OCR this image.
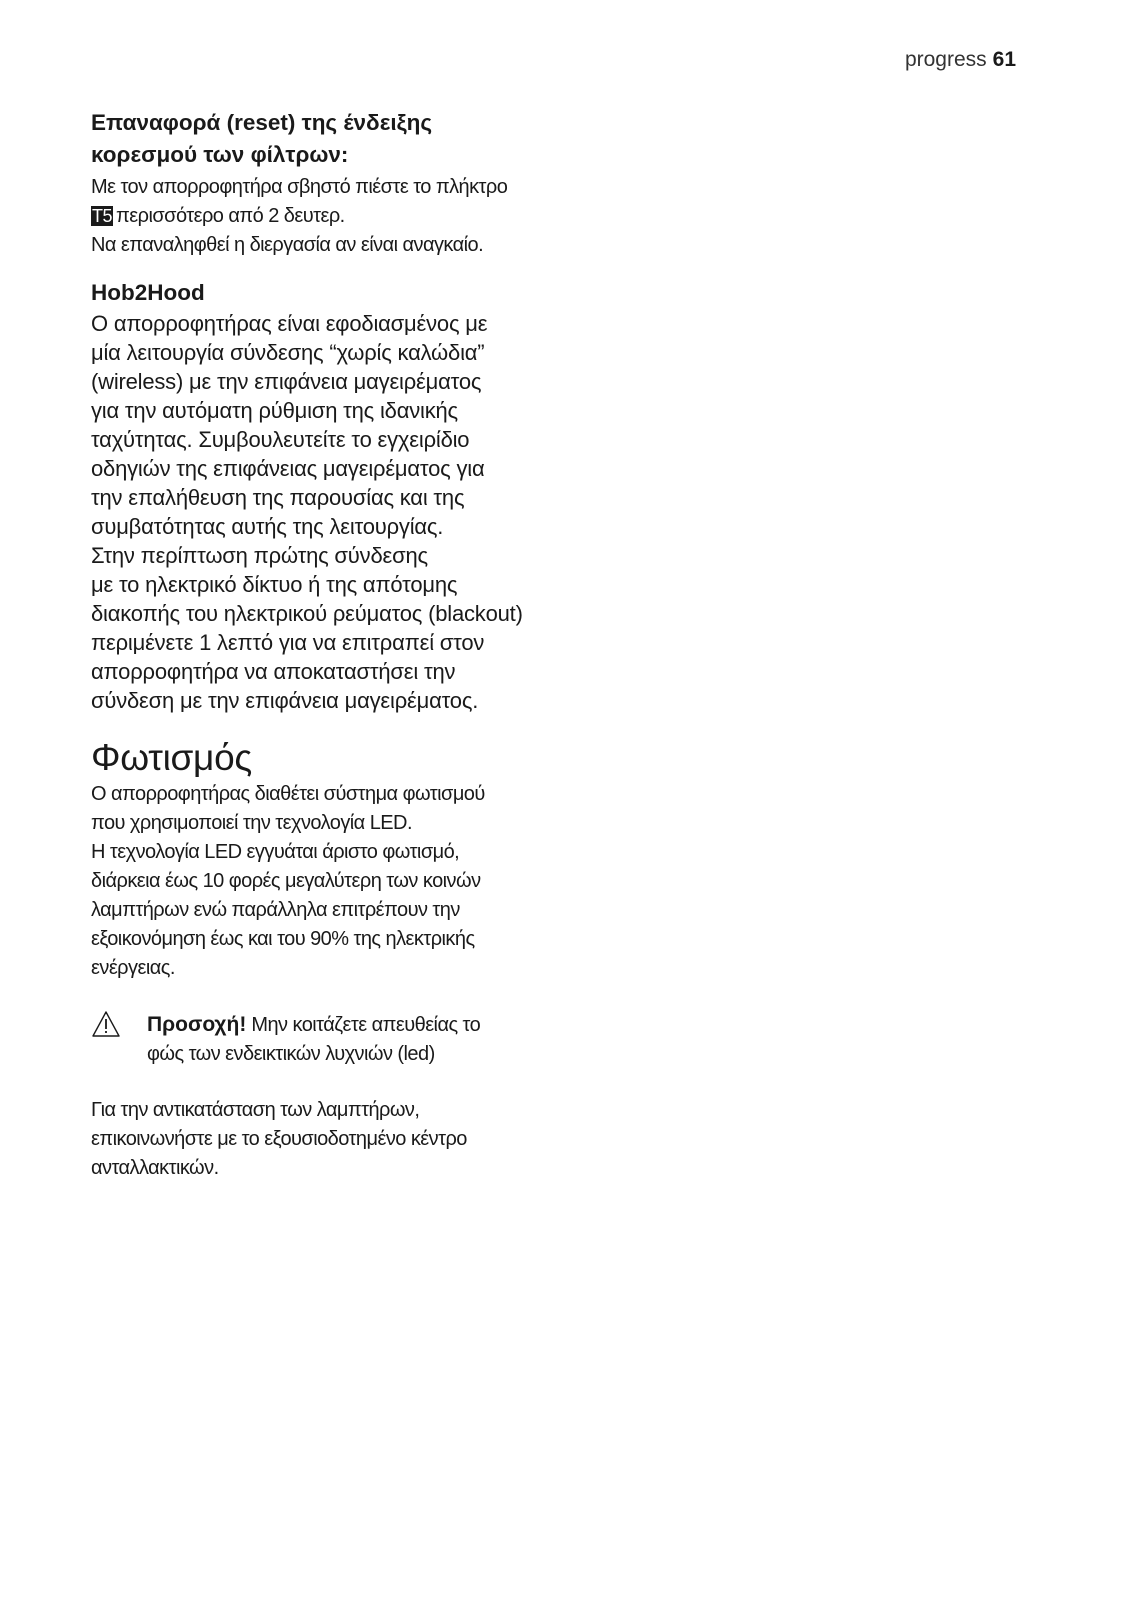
progress 61

Επαναφορά (reset) της ένδειξης

κορεσμού των φίλτρων:

Με τον απορροφητήρα σβηστό πιέστε το πλήκτρο

T5 περισσότερο από 2 δευτερ.

Να επαναληφθεί η διεργασία αν είναι αναγκαίο.

Hob2Hood

Ο απορροφητήρας είναι εφοδιασμένος με

μία λειτουργία σύνδεσης “χωρίς καλώδια”

(wireless) με την επιφάνεια μαγειρέματος

για την αυτόματη ρύθμιση της ιδανικής

ταχύτητας. Συμβουλευτείτε το εγχειρίδιο

οδηγιών της επιφάνειας μαγειρέματος για

την επαλήθευση της παρουσίας και της

συμβατότητας αυτής της λειτουργίας.

Στην περίπτωση πρώτης σύνδεσης

με το ηλεκτρικό δίκτυο ή της απότομης

διακοπής του ηλεκτρικού ρεύματος (blackout)

περιμένετε 1 λεπτό για να επιτραπεί στον

απορροφητήρα να αποκαταστήσει την

σύνδεση με την επιφάνεια μαγειρέματος.

Φωτισμός

Ο απορροφητήρας διαθέτει σύστημα φωτισμού

που χρησιμοποιεί την τεχνολογία LED.

Η τεχνολογία LED εγγυάται άριστο φωτισμό,

διάρκεια έως 10 φορές μεγαλύτερη των κοινών

λαμπτήρων ενώ παράλληλα επιτρέπουν την

εξοικονόμηση έως και του 90% της ηλεκτρικής

ενέργειας.

Προσοχή! Μην κοιτάζετε απευθείας το

φώς των ενδεικτικών λυχνιών (led)

Για την αντικατάσταση των λαμπτήρων,

επικοινωνήστε με το εξουσιοδοτημένο κέντρο

ανταλλακτικών.
